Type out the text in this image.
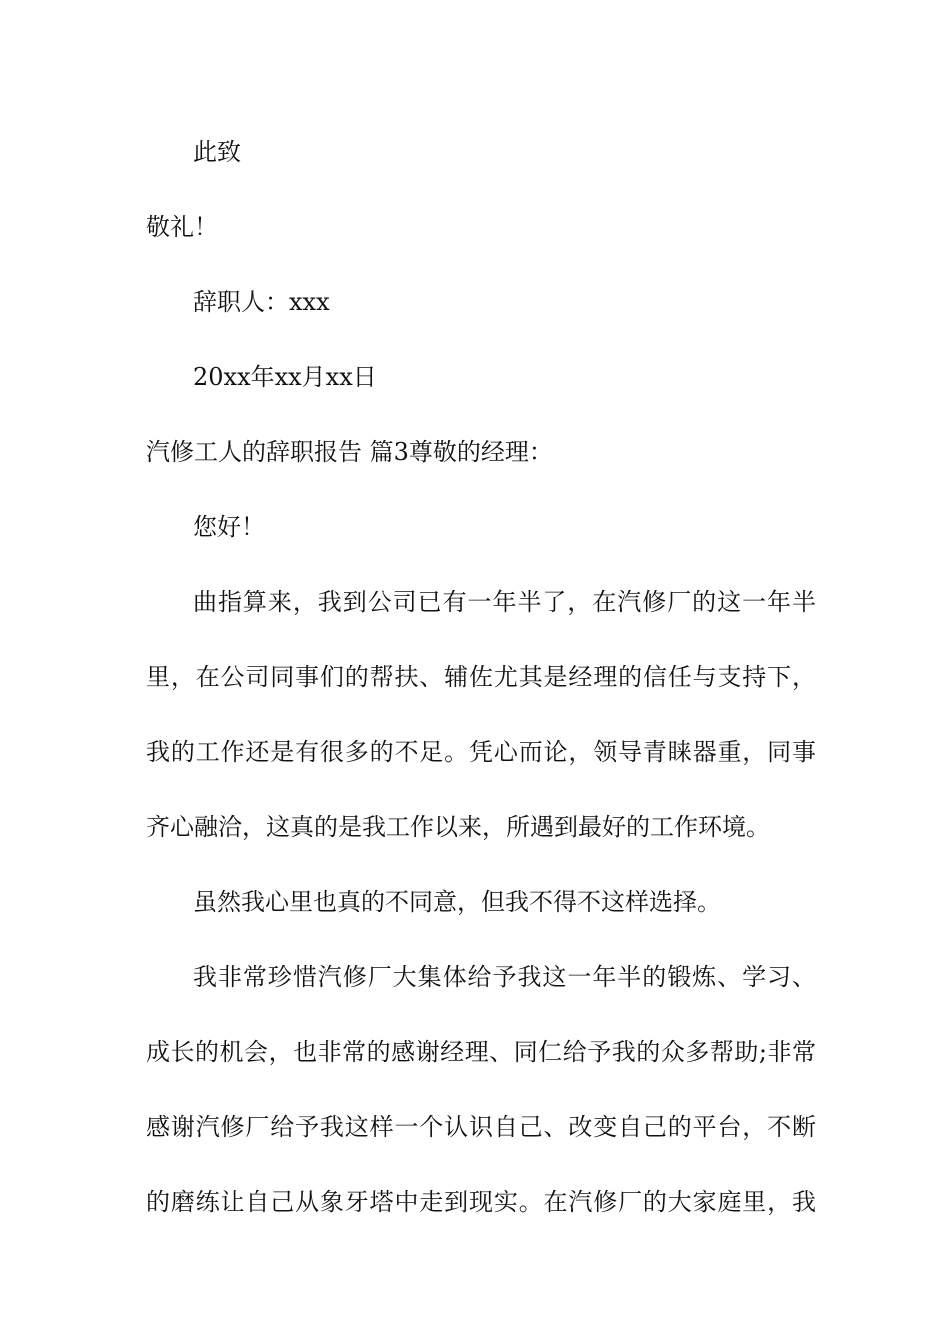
此致
敬礼！
辞职人：xxx
20xx年xx月xx日
汽修工人的辞职报告 篇3尊敬的经理：
您好！
曲指算来，我到公司已有一年半了，在汽修厂的这一年半
里，在公司同事们的帮扶、辅佐尤其是经理的信任与支持下，
我的工作还是有很多的不足。凭心而论，领导青睐器重，同事
齐心融洽，这真的是我工作以来，所遇到最好的工作环境。
虽然我心里也真的不同意，但我不得不这样选择。
我非常珍惜汽修厂大集体给予我这一年半的锻炼、学习、
成长的机会，也非常的感谢经理、同仁给予我的众多帮助;非常
感谢汽修厂给予我这样一个认识自己、改变自己的平台，不断
的磨练让自己从象牙塔中走到现实。在汽修厂的大家庭里，我
